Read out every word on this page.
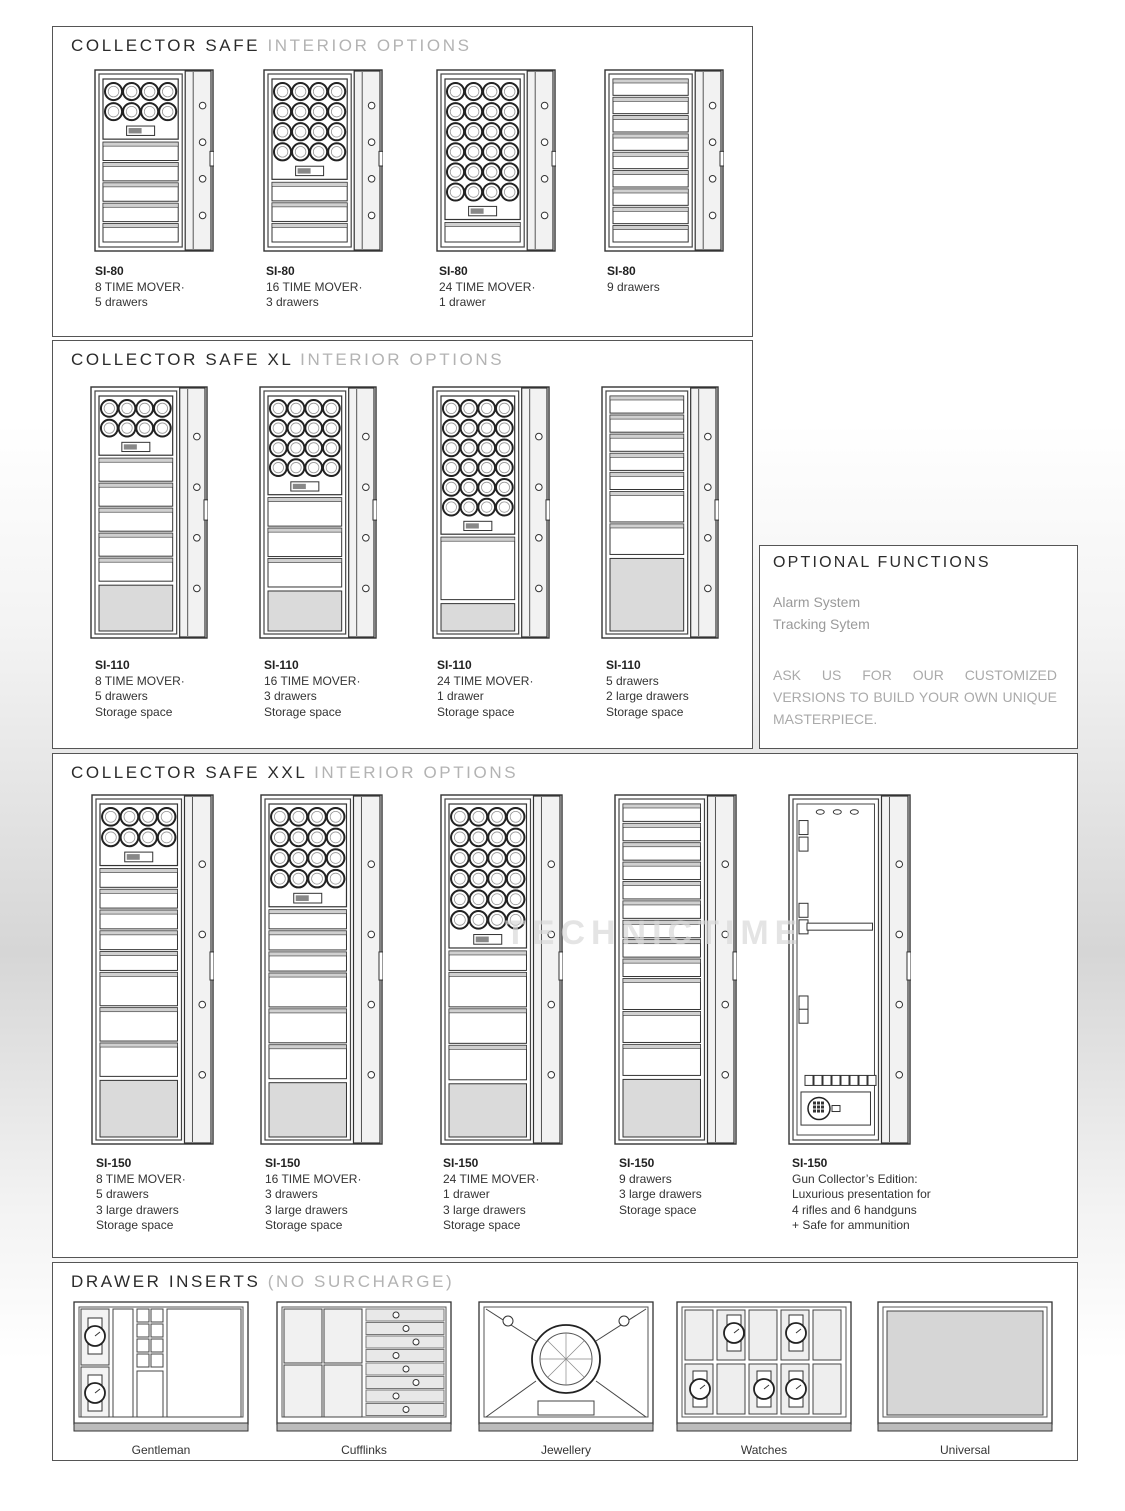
COLLECTOR SAFE INTERIOR OPTIONS
COLLECTOR SAFE XL INTERIOR OPTIONS
OPTIONAL FUNCTIONS
Alarm System
Tracking Sytem
ASK US FOR OUR CUSTOMIZED VERSIONS TO BUILD YOUR OWN UNIQUE MASTERPIECE.
COLLECTOR SAFE XXL INTERIOR OPTIONS
DRAWER INSERTS (NO SURCHARGE)
SI-80
8 TIME MOVER·
5 drawers
SI-80
16 TIME MOVER·
3 drawers
SI-80
24 TIME MOVER·
1 drawer
SI-80
9 drawers
SI-110
8 TIME MOVER·
5 drawers
Storage space
SI-110
16 TIME MOVER·
3 drawers
Storage space
SI-110
24 TIME MOVER·
1 drawer
Storage space
SI-110
5 drawers
2 large drawers
Storage space
SI-150
8 TIME MOVER·
5 drawers
3 large drawers
Storage space
SI-150
16 TIME MOVER·
3 drawers
3 large drawers
Storage space
SI-150
24 TIME MOVER·
1 drawer
3 large drawers
Storage space
SI-150
9 drawers
3 large drawers
Storage space
SI-150
Gun Collector’s Edition:
Luxurious presentation for
4 rifles and 6 handguns
+ Safe for ammunition
Gentleman	Cufflinks	Jewellery	Watches	Universal
TECHNICTIME
